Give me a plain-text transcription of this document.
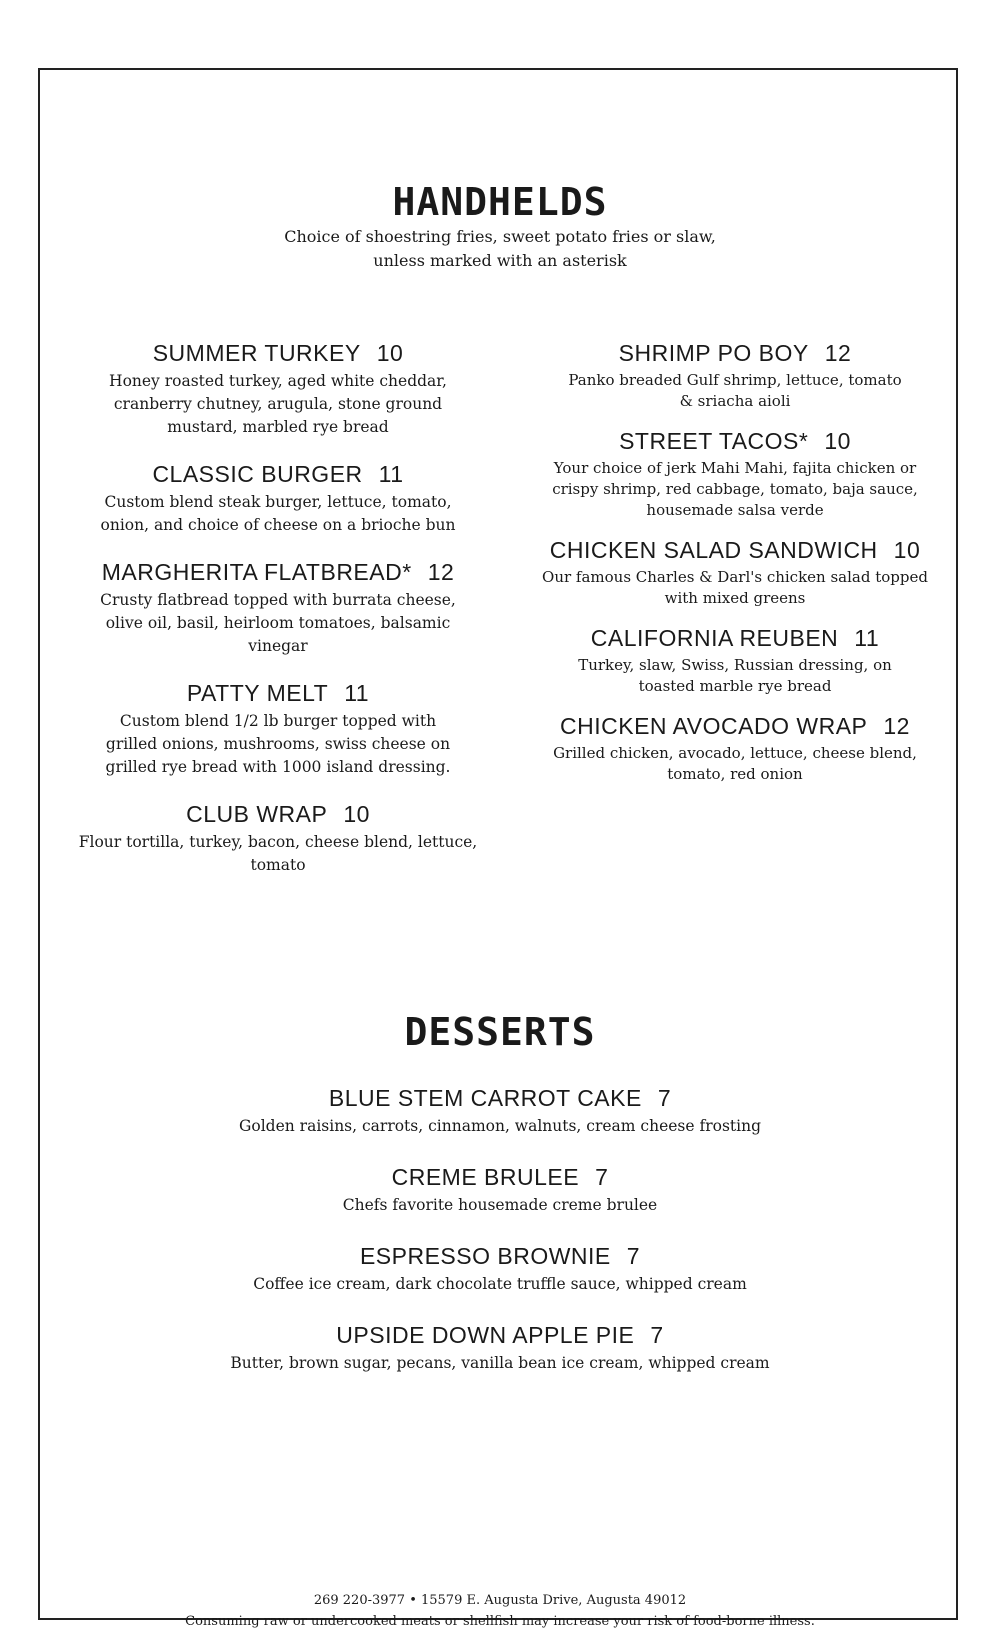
HANDHELDS
Choice of shoestring fries, sweet potato fries or slaw,
unless marked with an asterisk
SUMMER TURKEY 10
Honey roasted turkey, aged white cheddar, cranberry chutney, arugula, stone ground mustard, marbled rye bread
CLASSIC BURGER 11
Custom blend steak burger, lettuce, tomato, onion, and choice of cheese on a brioche bun
MARGHERITA FLATBREAD* 12
Crusty flatbread topped with burrata cheese, olive oil, basil, heirloom tomatoes, balsamic vinegar
PATTY MELT 11
Custom blend 1/2 lb burger topped with grilled onions, mushrooms, swiss cheese on grilled rye bread with 1000 island dressing.
CLUB WRAP 10
Flour tortilla, turkey, bacon, cheese blend, lettuce, tomato
SHRIMP PO BOY 12
Panko breaded Gulf shrimp, lettuce, tomato & sriacha aioli
STREET TACOS* 10
Your choice of jerk Mahi Mahi, fajita chicken or crispy shrimp, red cabbage, tomato, baja sauce, housemade salsa verde
CHICKEN SALAD SANDWICH 10
Our famous Charles & Darl's chicken salad topped with mixed greens
CALIFORNIA REUBEN 11
Turkey, slaw, Swiss, Russian dressing, on toasted marble rye bread
CHICKEN AVOCADO WRAP 12
Grilled chicken, avocado, lettuce, cheese blend, tomato, red onion
DESSERTS
BLUE STEM CARROT CAKE 7
Golden raisins, carrots, cinnamon, walnuts, cream cheese frosting
CREME BRULEE 7
Chefs favorite housemade creme brulee
ESPRESSO BROWNIE 7
Coffee ice cream, dark chocolate truffle sauce, whipped cream
UPSIDE DOWN APPLE PIE 7
Butter, brown sugar, pecans, vanilla bean ice cream, whipped cream
269 220-3977 • 15579 E. Augusta Drive, Augusta 49012
Consuming raw or undercooked meats or shellfish may increase your risk of food-borne illness.
